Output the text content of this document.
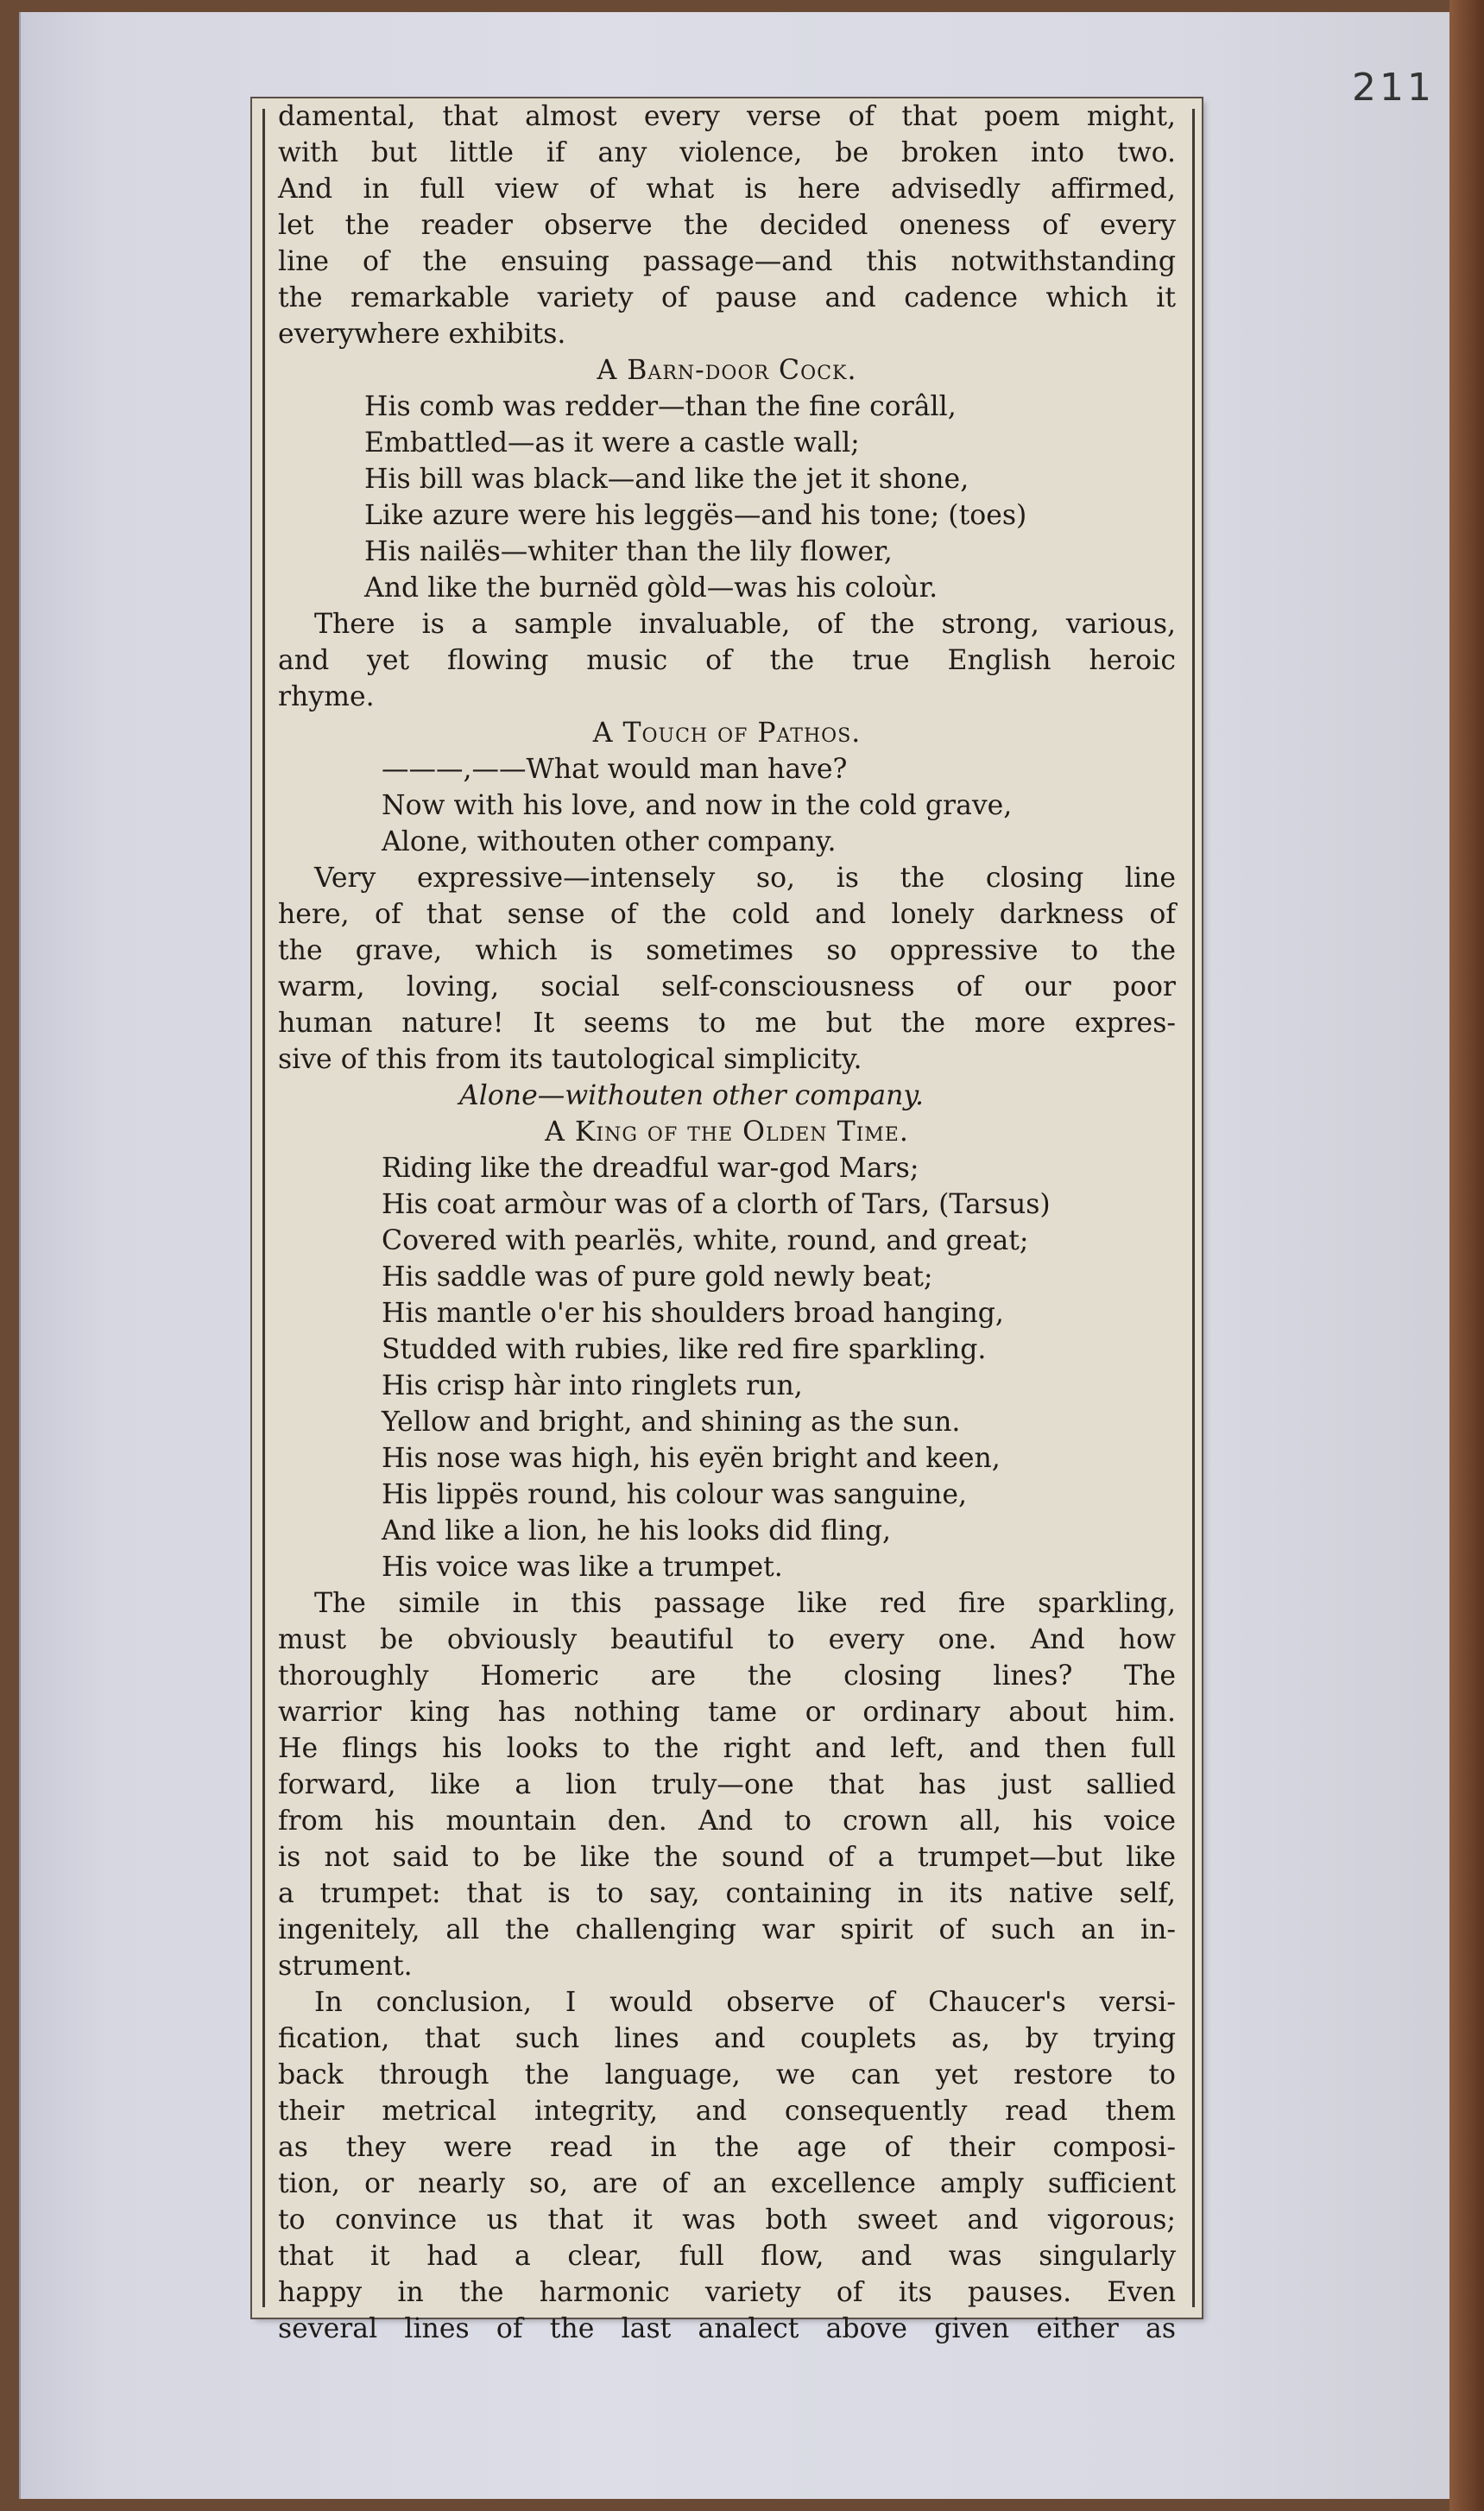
211
damental, that almost every verse of that poem might,
with but little if any violence, be broken into two.
And in full view of what is here advisedly affirmed,
let the reader observe the decided oneness of every
line of the ensuing passage—and this notwithstanding
the remarkable variety of pause and cadence which it
everywhere exhibits.
A Barn-door Cock.
His comb was redder—than the fine corâll,
Embattled—as it were a castle wall;
His bill was black—and like the jet it shone,
Like azure were his leggës—and his tone; (toes)
His nailës—whiter than the lily flower,
And like the burnëd gòld—was his coloùr.
There is a sample invaluable, of the strong, various,
and yet flowing music of the true English heroic
rhyme.
A Touch of Pathos.
———,——What would man have?
Now with his love, and now in the cold grave,
Alone, withouten other company.
Very expressive—intensely so, is the closing line
here, of that sense of the cold and lonely darkness of
the grave, which is sometimes so oppressive to the
warm, loving, social self-consciousness of our poor
human nature! It seems to me but the more expres-
sive of this from its tautological simplicity.
Alone—withouten other company.
A King of the Olden Time.
Riding like the dreadful war-god Mars;
His coat armòur was of a clorth of Tars, (Tarsus)
Covered with pearlës, white, round, and great;
His saddle was of pure gold newly beat;
His mantle o'er his shoulders broad hanging,
Studded with rubies, like red fire sparkling.
His crisp hàr into ringlets run,
Yellow and bright, and shining as the sun.
His nose was high, his eyën bright and keen,
His lippës round, his colour was sanguine,
And like a lion, he his looks did fling,
His voice was like a trumpet.
The simile in this passage like red fire sparkling,
must be obviously beautiful to every one. And how
thoroughly Homeric are the closing lines? The
warrior king has nothing tame or ordinary about him.
He flings his looks to the right and left, and then full
forward, like a lion truly—one that has just sallied
from his mountain den. And to crown all, his voice
is not said to be like the sound of a trumpet—but like
a trumpet: that is to say, containing in its native self,
ingenitely, all the challenging war spirit of such an in-
strument.
In conclusion, I would observe of Chaucer's versi-
fication, that such lines and couplets as, by trying
back through the language, we can yet restore to
their metrical integrity, and consequently read them
as they were read in the age of their composi-
tion, or nearly so, are of an excellence amply sufficient
to convince us that it was both sweet and vigorous;
that it had a clear, full flow, and was singularly
happy in the harmonic variety of its pauses. Even
several lines of the last analect above given either as
